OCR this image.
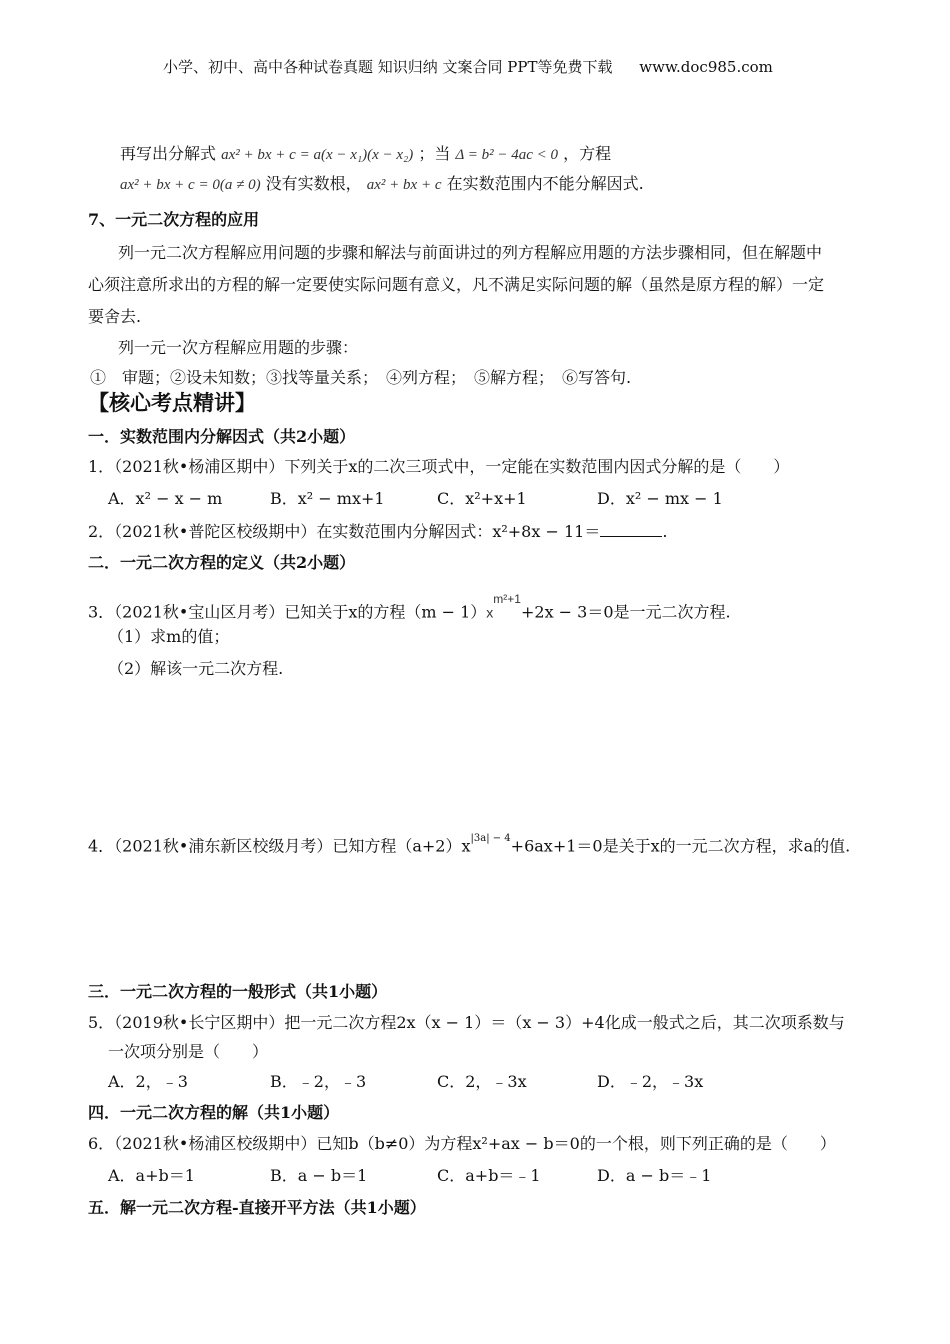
小学、初中、高中各种试卷真题 知识归纳 文案合同 PPT等免费下载 www.doc985.com
再写出分解式 ax² + bx + c = a(x − x₁)(x − x₂) ；当 Δ = b² − 4ac < 0 ，方程
ax² + bx + c = 0(a ≠ 0) 没有实数根， ax² + bx + c 在实数范围内不能分解因式.
7、一元二次方程的应用
列一元二次方程解应用问题的步骤和解法与前面讲过的列方程解应用题的方法步骤相同，但在解题中
心须注意所求出的方程的解一定要使实际问题有意义，凡不满足实际问题的解（虽然是原方程的解）一定
要舍去.
列一元一次方程解应用题的步骤：
①　审题；②设未知数；③找等量关系；　④列方程；　⑤解方程；　⑥写答句.
【核心考点精讲】
一．实数范围内分解因式（共2小题）
1．（2021秋•杨浦区期中）下列关于x的二次三项式中，一定能在实数范围内因式分解的是（　　）
A．x² − x − m	B．x² − mx+1	C．x²+x+1	D．x² − mx − 1
2．（2021秋•普陀区校级期中）在实数范围内分解因式：x²+8x − 11＝	.
二．一元二次方程的定义（共2小题）
3．（2021秋•宝山区月考）已知关于x的方程$(m - 1)x^{m^2+1}+2x - 3=0$是一元二次方程.
（1）求m的值；
（2）解该一元二次方程.
4．（2021秋•浦东新区校级月考）已知方程$(a+2)x^{|3a| - 4}+6ax+1=0$是关于x的一元二次方程，求a的值.
三．一元二次方程的一般形式（共1小题）
5．（2019秋•长宁区期中）把一元二次方程2x（x − 1）＝（x − 3）+4化成一般式之后，其二次项系数与
一次项分别是（　　）
A．2，﹣3	B．﹣2，﹣3	C．2，﹣3x	D．﹣2，﹣3x
四．一元二次方程的解（共1小题）
6．（2021秋•杨浦区校级期中）已知b（b≠0）为方程x²+ax − b＝0的一个根，则下列正确的是（　　）
A．a+b＝1	B．a − b＝1	C．a+b＝﹣1	D．a − b＝﹣1
五．解一元二次方程-直接开平方法（共1小题）
